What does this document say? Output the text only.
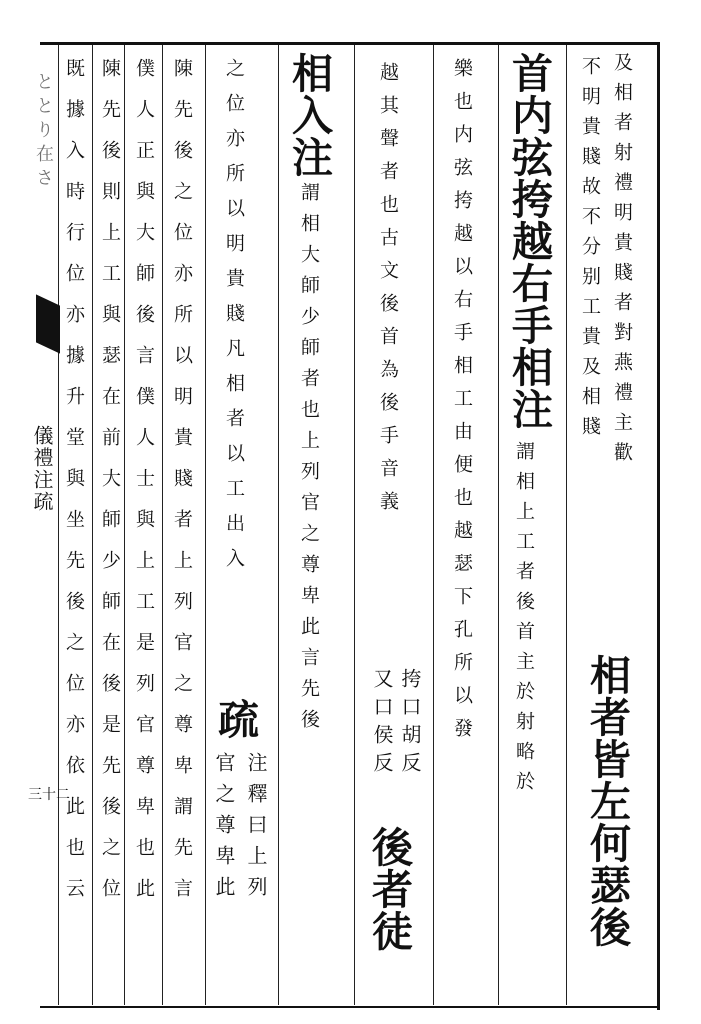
及相者射禮明貴賤者對燕禮主歡
不明貴賤故不分别工貴及相賤
相者皆左何瑟後
首内弦挎越右手相注
謂相上工者後首主於射略於
樂也内弦挎越以右手相工由便也越瑟下孔所以發
越其聲者也古文後首為後手音義
挎口胡反
又口侯反
後者徒
相入注
謂相大師少師者也上列官之尊卑此言先後
之位亦所以明貴賤凡相者以工出入
疏
注釋曰上列
官之尊卑此
陳先後之位亦所以明貴賤者上列官之尊卑謂先言
僕人正與大師後言僕人士與上工是列官尊卑也此
陳先後則上工與瑟在前大師少師在後是先後之位
既據入時行位亦據升堂與坐先後之位亦依此也云
ととり在さ
儀禮注疏
三十二
